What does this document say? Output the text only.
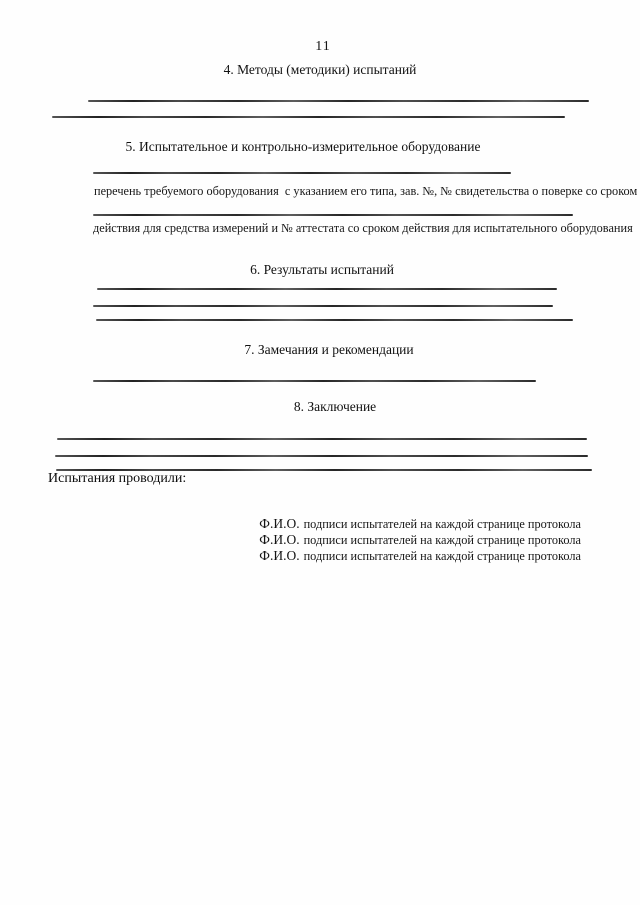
11
4. Методы (методики) испытаний
5. Испытательное и контрольно-измерительное оборудование
перечень требуемого оборудования  с указанием его типа, зав. №, № свидетельства о поверке со сроком
действия для средства измерений и № аттестата со сроком действия для испытательного оборудования
6. Результаты испытаний
7. Замечания и рекомендации
8. Заключение
Испытания проводили:

Ф.И.О. подписи испытателей на каждой странице протокола

Ф.И.О. подписи испытателей на каждой странице протокола

Ф.И.О. подписи испытателей на каждой странице протокола
